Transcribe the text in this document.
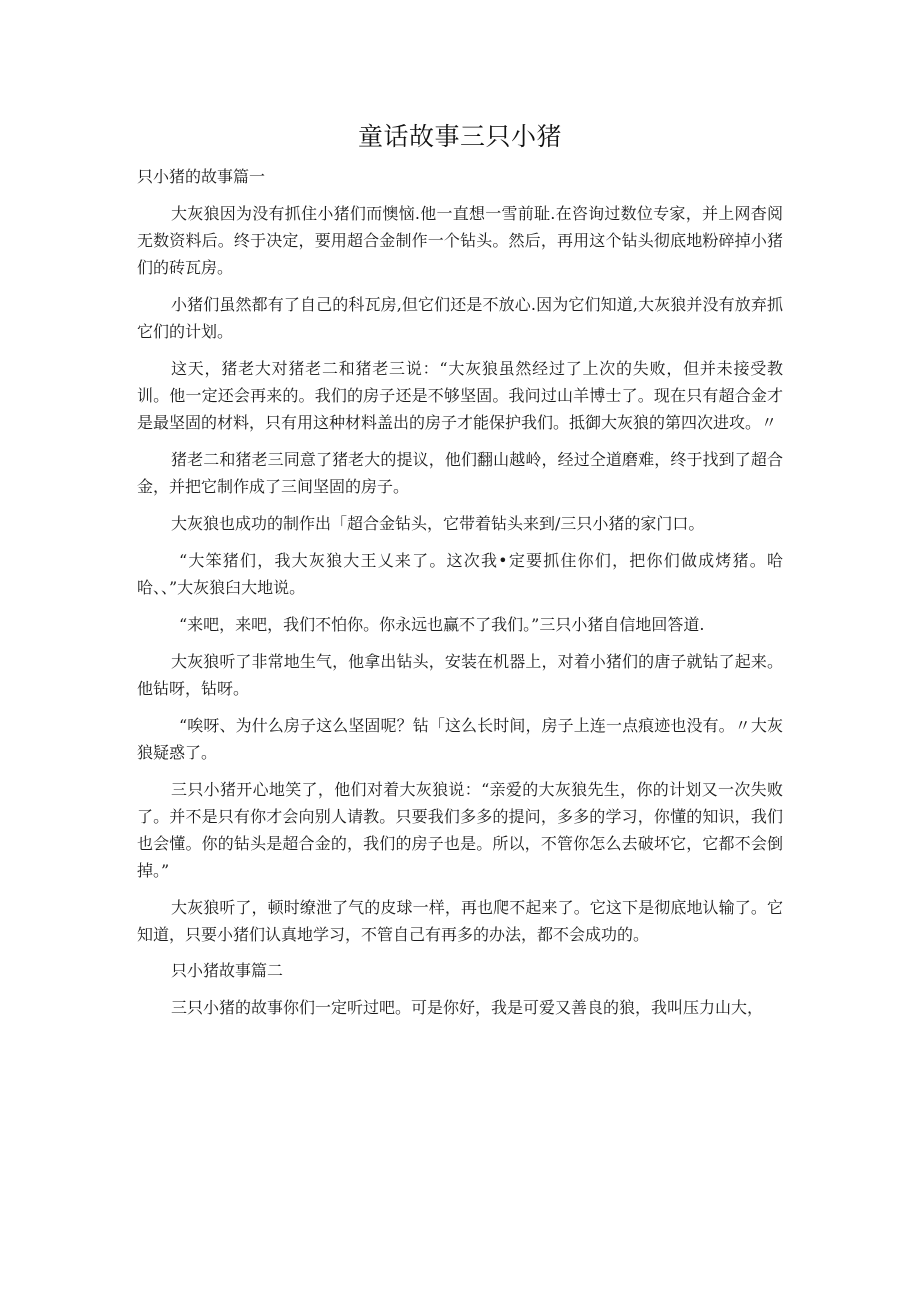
童话故事三只小猪

只小猪的故事篇一

大灰狼因为没有抓住小猪们而懊恼.他一直想一雪前耻.在咨询过数位专家，并上网杳阅无数资料后。终于决定，要用超合金制作一个钻头。然后，再用这个钻头彻底地粉碎掉小猪们的砖瓦房。

小猪们虽然都有了自己的科瓦房,但它们还是不放心.因为它们知道,大灰狼并没有放弃抓它们的计划。

这天，猪老大对猪老二和猪老三说：“大灰狼虽然经过了上次的失败，但并未接受教训。他一定还会再来的。我们的房子还是不够坚固。我问过山羊博士了。现在只有超合金才是最坚固的材料，只有用这种材料盖出的房子才能保护我们。抵御大灰狼的第四次进攻。〃

猪老二和猪老三同意了猪老大的提议，他们翻山越岭，经过仝道磨难，终于找到了超合金，并把它制作成了三间坚固的房子。

大灰狼也成功的制作出「超合金钻头，它带着钻头来到/三只小猪的家门口。

“大笨猪们，我大灰狼大王乂来了。这次我•定要抓住你们，把你们做成烤猪。哈哈、、”大灰狼臼大地说。

“来吧，来吧，我们不怕你。你永远也赢不了我们。”三只小猪自信地回答道.

大灰狼听了非常地生气，他拿出钻头，安装在机器上，对着小猪们的唐子就钻了起来。他钻呀，钻呀。

“唉呀、为什么房子这么坚固呢？钻「这么长时间，房子上连一点痕迹也没有。〃大灰狼疑惑了。

三只小猪开心地笑了，他们对着大灰狼说：“亲爱的大灰狼先生，你的计划又一次失败了。并不是只有你才会向别人请教。只要我们多多的提问，多多的学习，你懂的知识，我们也会懂。你的钻头是超合金的，我们的房子也是。所以，不管你怎么去破坏它，它都不会倒掉。”

大灰狼听了，顿时缭泄了气的皮球一样，再也爬不起来了。它这下是彻底地认输了。它知道，只要小猪们认真地学习，不管自己有再多的办法，都不会成功的。

只小猪故事篇二

三只小猪的故事你们一定听过吧。可是你好，我是可爱又善良的狼，我叫压力山大，
